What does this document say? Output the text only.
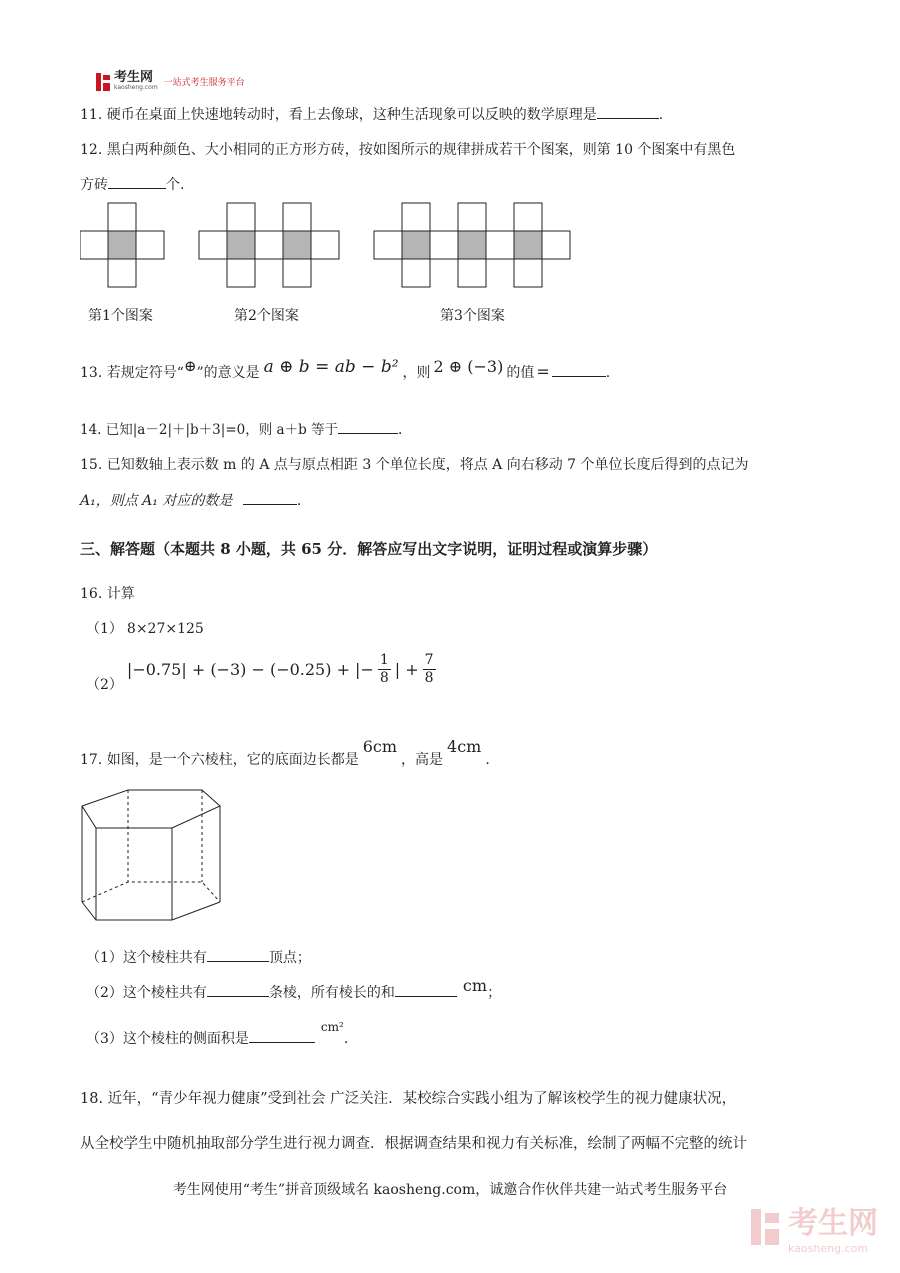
考生网
kaosheng.com 一站式考生服务平台
11. 硬币在桌面上快速地转动时，看上去像球，这种生活现象可以反映的数学原理是	.
12. 黑白两种颜色、大小相同的正方形方砖，按如图所示的规律拼成若干个图案，则第 10 个图案中有黑色
方砖	个.
第1个图案	第2个图案	第3个图案
13. 若规定符号“ ⊕ ”的意义是 a ⊕ b = ab − b² ，则 2 ⊕ (−3) 的值 =	.
14. 已知|a－2|＋|b＋3|=0，则 a＋b 等于	.
15. 已知数轴上表示数 m 的 A 点与原点相距 3 个单位长度，将点 A 向右移动 7 个单位长度后得到的点记为
A₁，则点 A₁ 对应的数是	.
三、解答题（本题共 8 小题，共 65 分．解答应写出文字说明，证明过程或演算步骤）
16. 计算
（1） 8×27×125
（2）
|−0.75| + (−3) − (−0.25) + |− $\frac{1}{8}$ | + $\frac{7}{8}$
17. 如图，是一个六棱柱，它的底面边长都是
6cm
，高是
4cm
.
（1）这个棱柱共有	顶点；
（2）这个棱柱共有	条棱，所有棱长的和	cm ；
（3）这个棱柱的侧面积是
cm²
.
18. 近年，“青少年视力健康”受到社会 广泛关注．某校综合实践小组为了解该校学生的视力健康状况，
从全校学生中随机抽取部分学生进行视力调查．根据调查结果和视力有关标准，绘制了两幅不完整的统计
考生网使用“考生”拼音顶级域名 kaosheng.com，诚邀合作伙伴共建一站式考生服务平台
考生网
kaosheng.com
